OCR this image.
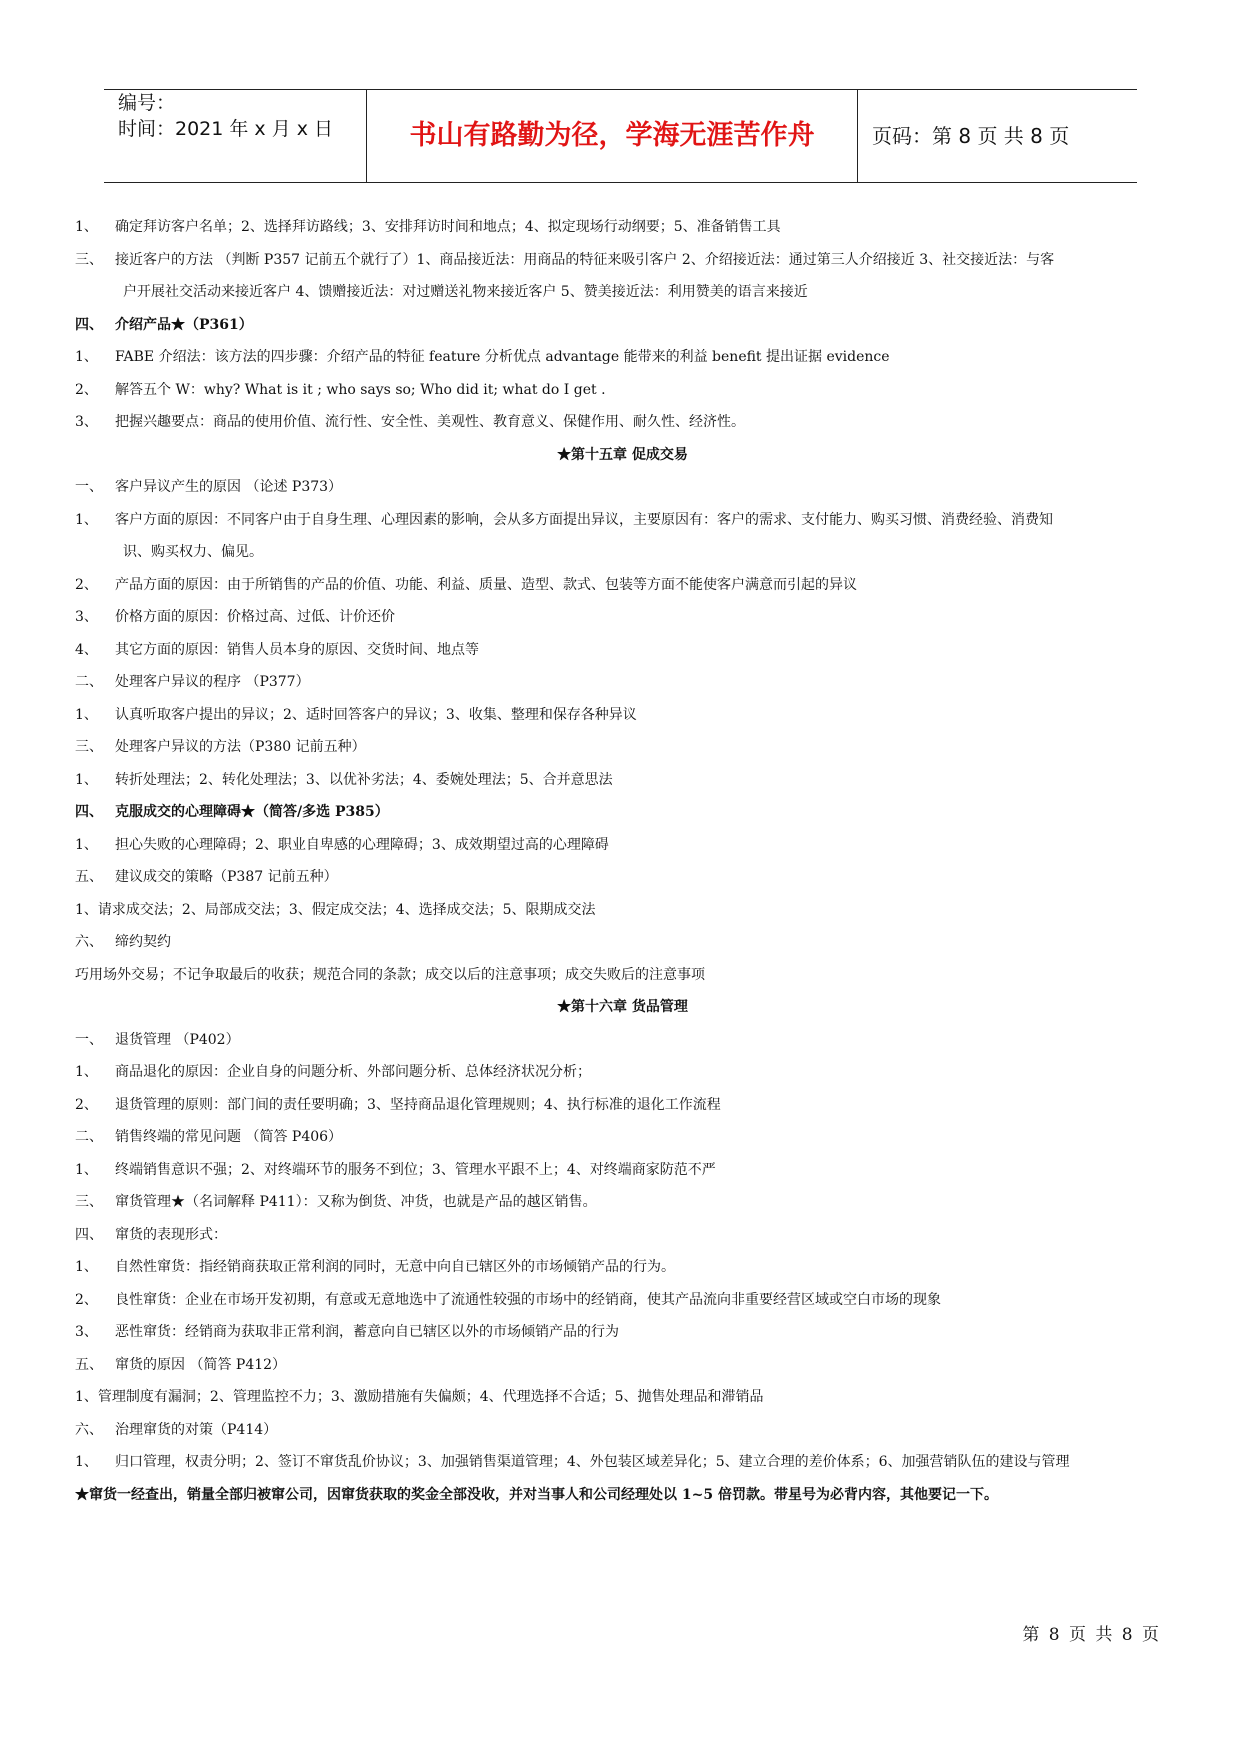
编号：
时间：2021 年 x 月 x 日	书山有路勤为径，学海无涯苦作舟	页码：第 8 页 共 8 页
1、 确定拜访客户名单；2、选择拜访路线；3、安排拜访时间和地点；4、拟定现场行动纲要；5、准备销售工具
三、 接近客户的方法 （判断 P357 记前五个就行了）1、商品接近法：用商品的特征来吸引客户 2、介绍接近法：通过第三人介绍接近 3、社交接近法：与客
户开展社交活动来接近客户 4、馈赠接近法：对过赠送礼物来接近客户 5、赞美接近法：利用赞美的语言来接近
四、 介绍产品★（P361）
1、 FABE 介绍法：该方法的四步骤：介绍产品的特征 feature 分析优点 advantage 能带来的利益 benefit 提出证据 evidence
2、 解答五个 W：why? What is it ; who says so; Who did it; what do I get .
3、 把握兴趣要点：商品的使用价值、流行性、安全性、美观性、教育意义、保健作用、耐久性、经济性。
★第十五章 促成交易
一、 客户异议产生的原因 （论述 P373）
1、 客户方面的原因：不同客户由于自身生理、心理因素的影响，会从多方面提出异议，主要原因有：客户的需求、支付能力、购买习惯、消费经验、消费知
识、购买权力、偏见。
2、 产品方面的原因：由于所销售的产品的价值、功能、利益、质量、造型、款式、包装等方面不能使客户满意而引起的异议
3、 价格方面的原因：价格过高、过低、计价还价
4、 其它方面的原因：销售人员本身的原因、交货时间、地点等
二、 处理客户异议的程序 （P377）
1、 认真听取客户提出的异议；2、适时回答客户的异议；3、收集、整理和保存各种异议
三、 处理客户异议的方法（P380 记前五种）
1、 转折处理法；2、转化处理法；3、以优补劣法；4、委婉处理法；5、合并意思法
四、 克服成交的心理障碍★（简答/多选 P385）
1、 担心失败的心理障碍；2、职业自卑感的心理障碍；3、成效期望过高的心理障碍
五、 建议成交的策略（P387 记前五种）
1、请求成交法；2、局部成交法；3、假定成交法；4、选择成交法；5、限期成交法
六、 缔约契约
巧用场外交易；不记争取最后的收获；规范合同的条款；成交以后的注意事项；成交失败后的注意事项
★第十六章 货品管理
一、 退货管理 （P402）
1、 商品退化的原因：企业自身的问题分析、外部问题分析、总体经济状况分析；
2、 退货管理的原则：部门间的责任要明确；3、坚持商品退化管理规则；4、执行标准的退化工作流程
二、 销售终端的常见问题 （简答 P406）
1、 终端销售意识不强；2、对终端环节的服务不到位；3、管理水平跟不上；4、对终端商家防范不严
三、 窜货管理★（名词解释 P411）：又称为倒货、冲货，也就是产品的越区销售。
四、 窜货的表现形式：
1、 自然性窜货：指经销商获取正常利润的同时，无意中向自已辖区外的市场倾销产品的行为。
2、 良性窜货：企业在市场开发初期，有意或无意地选中了流通性较强的市场中的经销商，使其产品流向非重要经营区域或空白市场的现象
3、 恶性窜货：经销商为获取非正常利润，蓄意向自已辖区以外的市场倾销产品的行为
五、 窜货的原因 （简答 P412）
1、管理制度有漏洞；2、管理监控不力；3、激励措施有失偏颇；4、代理选择不合适；5、抛售处理品和滞销品
六、 治理窜货的对策（P414）
1、 归口管理，权责分明；2、签订不窜货乱价协议；3、加强销售渠道管理；4、外包装区域差异化；5、建立合理的差价体系；6、加强营销队伍的建设与管理
★窜货一经查出，销量全部归被窜公司，因窜货获取的奖金全部没收，并对当事人和公司经理处以 1~5 倍罚款。带星号为必背内容，其他要记一下。
第 8 页 共 8 页
